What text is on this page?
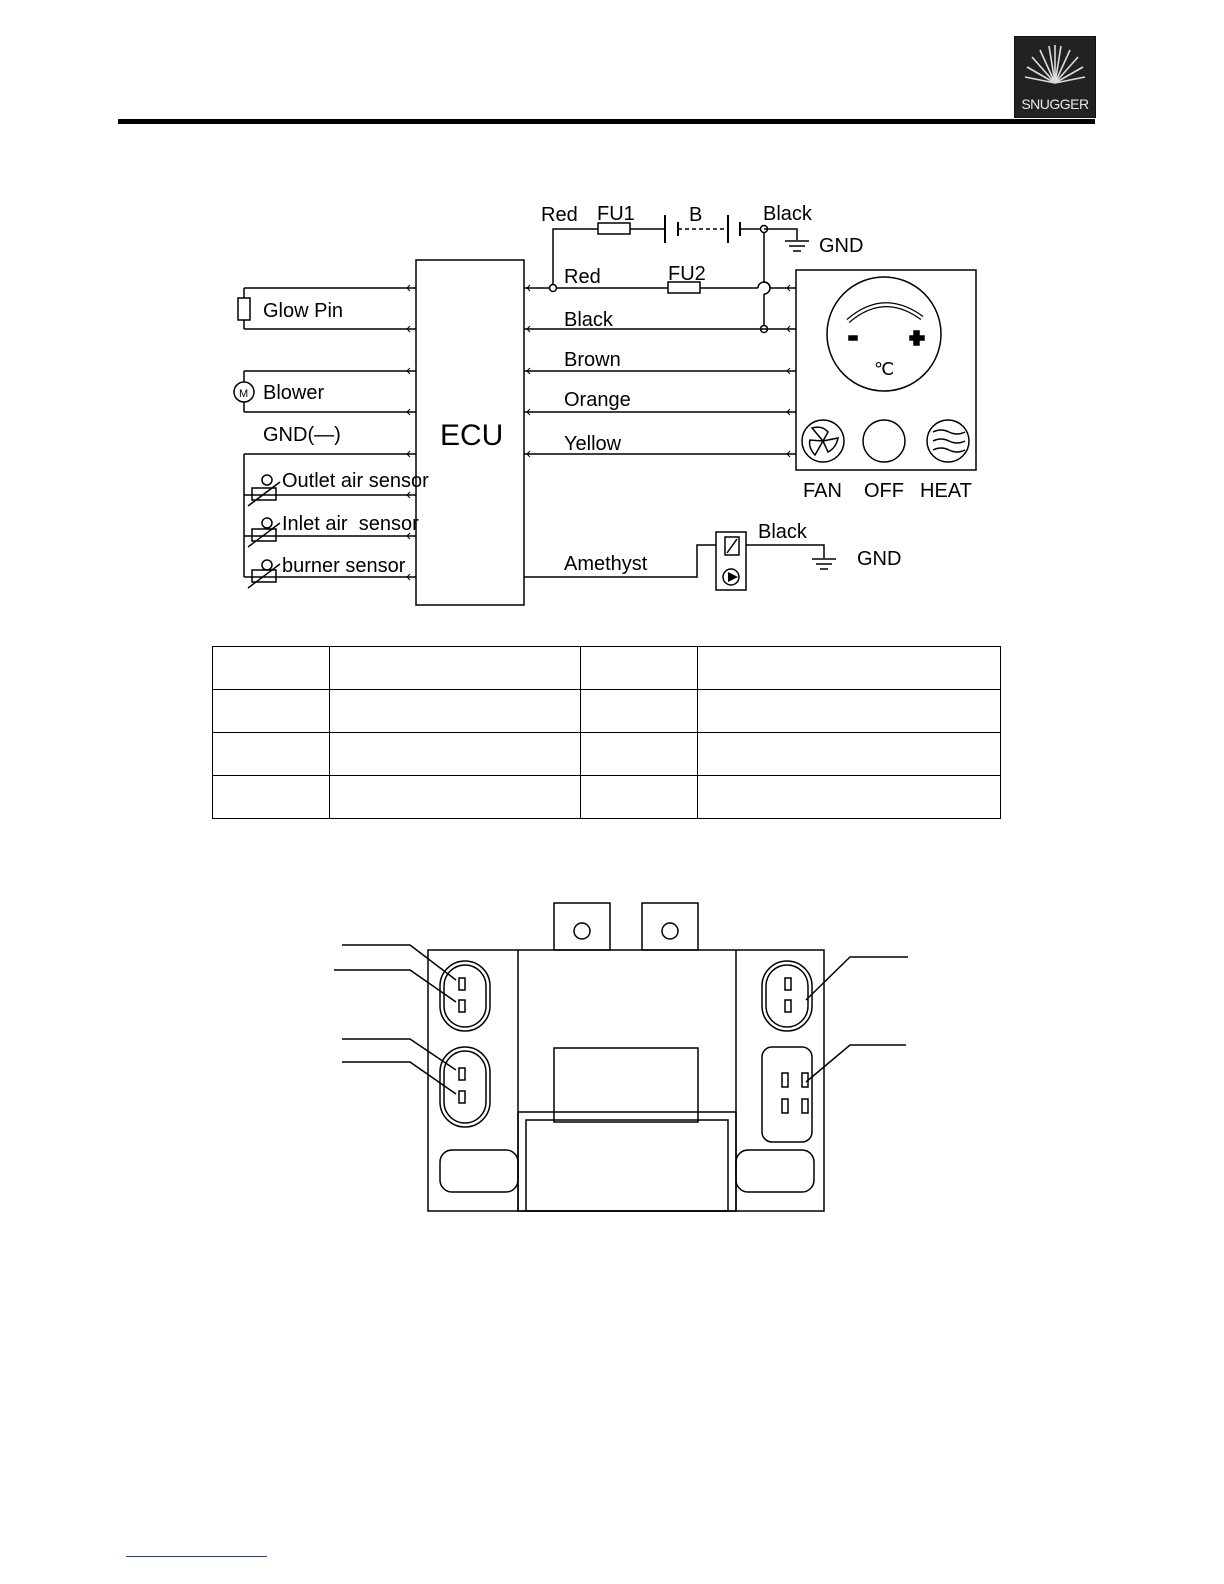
SNUGGER
ECU
Red FU1	B	Black
GND
Red	FU2
Black
Brown
Orange
Yellow
Glow Pin
Blower
GND(—)
Outlet air sensor
Inlet air  sensor
burner sensor	Amethyst
Black
GND
℃
FAN OFF HEAT
M
